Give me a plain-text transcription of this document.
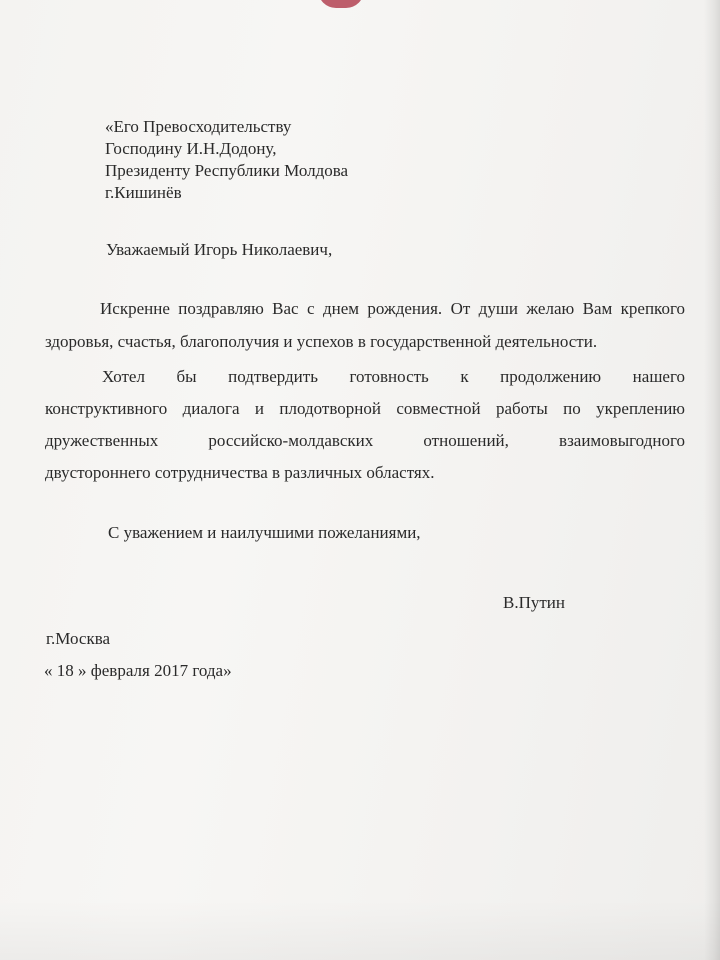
«Его Превосходительству
Господину И.Н.Додону,
Президенту Республики Молдова
г.Кишинёв
Уважаемый Игорь Николаевич,
Искренне поздравляю Вас с днем рождения. От души желаю Вам крепкого
здоровья, счастья, благополучия и успехов в государственной деятельности.
Хотел бы подтвердить готовность к продолжению нашего
конструктивного диалога и плодотворной совместной работы по укреплению
дружественных российско-молдавских отношений, взаимовыгодного
двустороннего сотрудничества в различных областях.
С уважением и наилучшими пожеланиями,
В.Путин
г.Москва
« 18 » февраля 2017 года»
